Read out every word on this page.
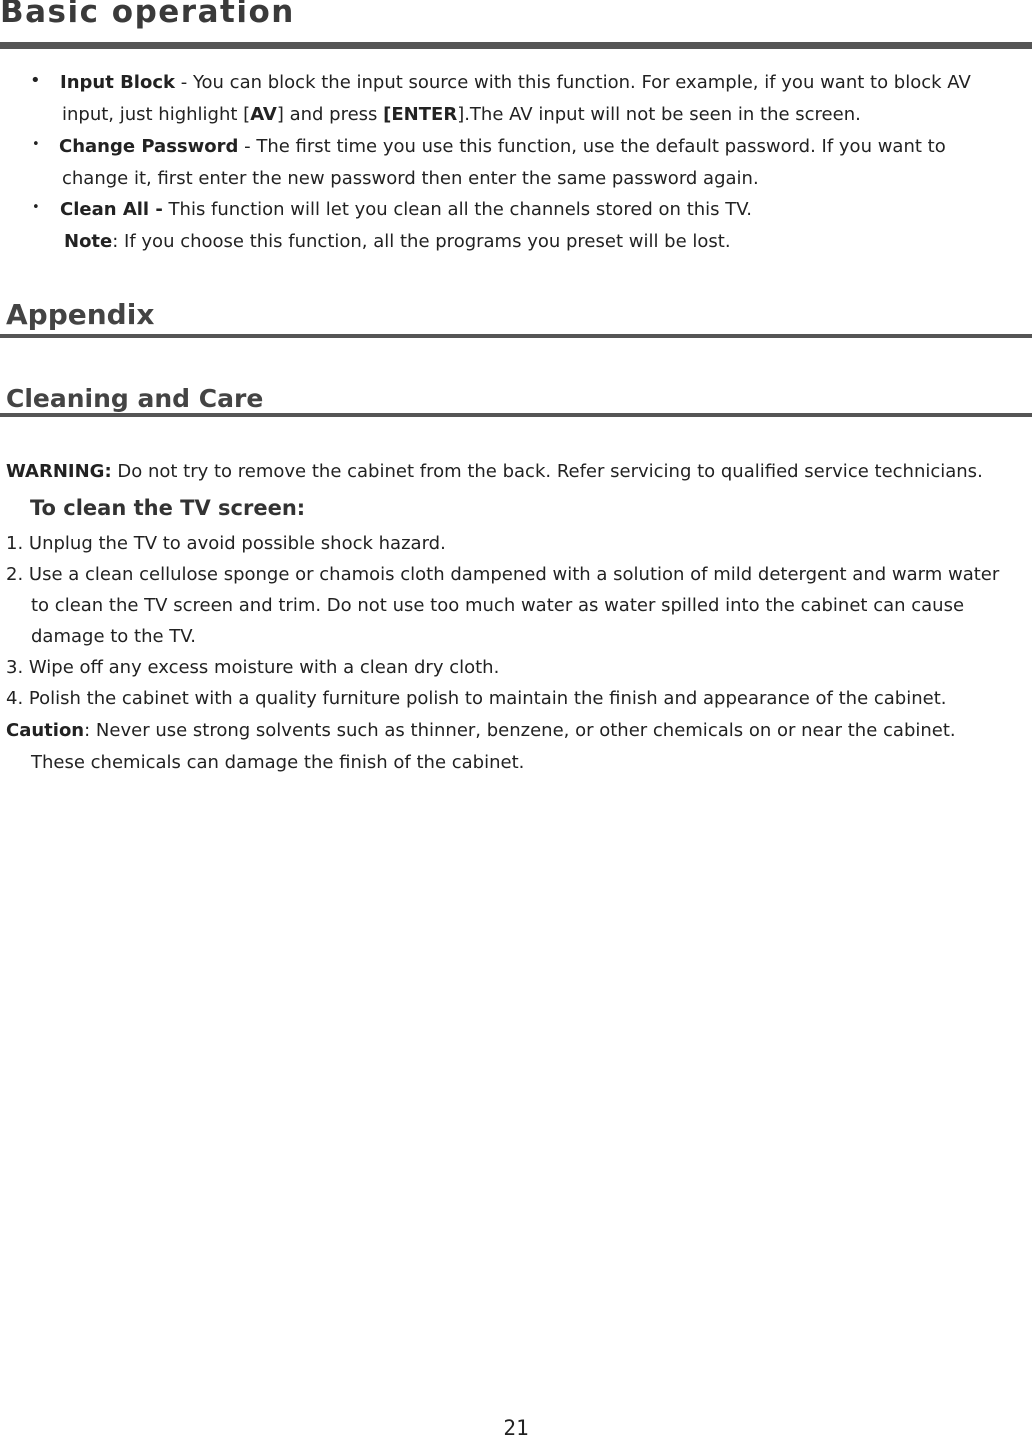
Basic operation
• Input Block - You can block the input source with this function. For example, if you want to block AV
input, just highlight [AV] and press [ENTER].The AV input will not be seen in the screen.
• Change Password - The first time you use this function, use the default password. If you want to
change it, first enter the new password then enter the same password again.
• Clean All - This function will let you clean all the channels stored on this TV.
Note: If you choose this function, all the programs you preset will be lost.
Appendix
Cleaning and Care
WARNING: Do not try to remove the cabinet from the back. Refer servicing to qualified service technicians.
To clean the TV screen:
1. Unplug the TV to avoid possible shock hazard.
2. Use a clean cellulose sponge or chamois cloth dampened with a solution of mild detergent and warm water
to clean the TV screen and trim. Do not use too much water as water spilled into the cabinet can cause
damage to the TV.
3. Wipe off any excess moisture with a clean dry cloth.
4. Polish the cabinet with a quality furniture polish to maintain the finish and appearance of the cabinet.
Caution: Never use strong solvents such as thinner, benzene, or other chemicals on or near the cabinet.
These chemicals can damage the finish of the cabinet.
21
